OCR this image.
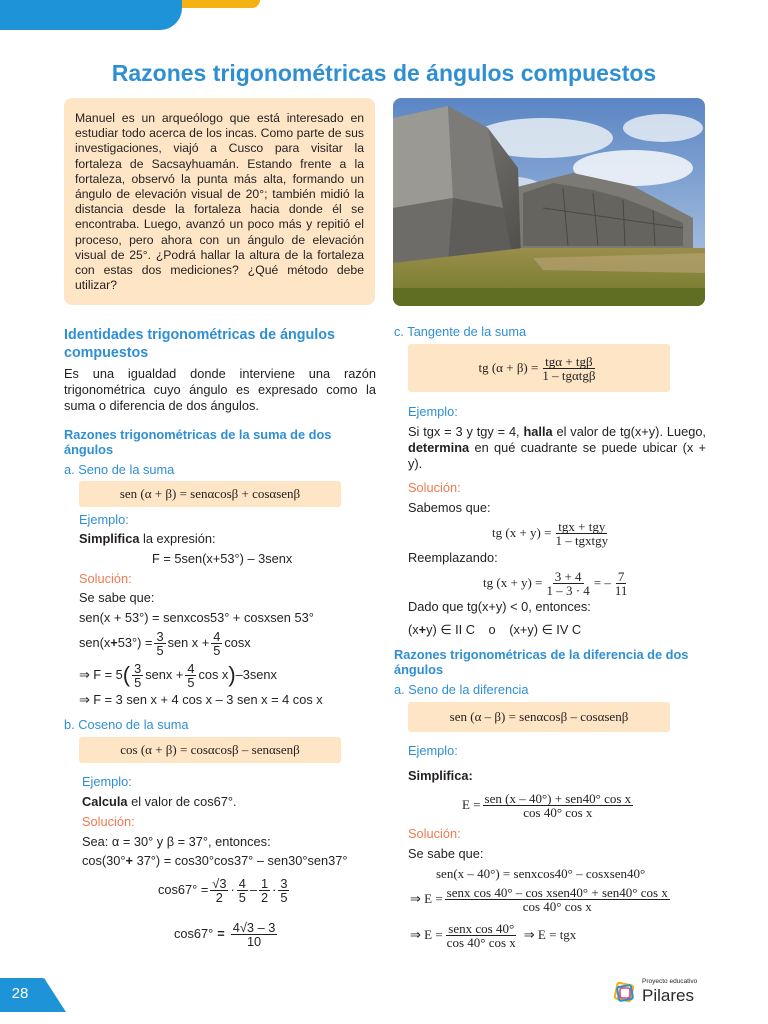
Razones trigonométricas de ángulos compuestos
Manuel es un arqueólogo que está interesado en estudiar todo acerca de los incas. Como parte de sus investigaciones, viajó a Cusco para visitar la fortaleza de Sacsayhuamán. Estando frente a la fortaleza, observó la punta más alta, formando un ángulo de elevación visual de 20°; también midió la distancia desde la fortaleza hacia donde él se encontraba. Luego, avanzó un poco más y repitió el proceso, pero ahora con un ángulo de elevación visual de 25°. ¿Podrá hallar la altura de la fortaleza con estas dos mediciones? ¿Qué método debe utilizar?
Identidades trigonométricas de ángulos compuestos
Es una igualdad donde interviene una razón trigonométrica cuyo ángulo es expresado como la suma o diferencia de dos ángulos.
Razones trigonométricas de la suma de dos ángulos
a. Seno de la suma
sen (α + β) = senαcosβ + cosαsenβ
Ejemplo:
Simplifica la expresión:
F = 5sen(x+53°) – 3senx
Solución:
Se sabe que:
sen(x + 53°) = senxcos53° + cosxsen 53°
$sen(x + 53^\circ) = \frac{3}{5}$ sen $x + \frac{4}{5}$ cosx
⇒ F = 5 ( $\frac{3}{5}$ senx + $\frac{4}{5}$ cos x ) –3senx
⇒ F = 3 sen x + 4 cos x – 3 sen x = 4 cos x
b. Coseno de la suma
cos (α + β) = cosαcosβ – senαsenβ
Ejemplo:
Calcula el valor de cos67°.
Solución:
Sea: α = 30° y β = 37°, entonces:
cos(30°+ 37°) = cos30°cos37° – sen30°sen37°
$\cos 67^\circ = \frac{√3}{2} \cdot \frac{4}{5} - \frac{1}{2} \cdot \frac{3}{5}$
$\cos 67^\circ = \frac{4√3 - 3}{10}$
c. Tangente de la suma
tg $(\alpha + \beta) = \frac{\text{tgα + tgβ}}{\text{1 – tgαtgβ}}$
Ejemplo:
Si tgx = 3 y tgy = 4, halla el valor de tg(x+y). Luego, determina en qué cuadrante se puede ubicar (x + y).
Solución:
Sabemos que:
tg $(x + y) = \frac{\text{tgx + tgy}}{\text{1 – tgxtgy}}$
Reemplazando:
tg $(x + y) = \frac{3 + 4}{1 - 3 \cdot 4}$ = – $\frac{7}{11}$
Dado que tg(x+y) < 0, entonces:
(x+y) ∈ II C o (x+y) ∈ IV C
Razones trigonométricas de la diferencia de dos ángulos
a. Seno de la diferencia
sen (α – β) = senαcosβ – cosαsenβ
Ejemplo:
Simplifica:
$E = \frac{\text{sen (x – 40°) + sen40° cos x}}{\text{cos 40° cos x}}$
Solución:
Se sabe que:
sen(x – 40°) = senxcos40° – cosxsen40°
⇒ $E = \frac{\text{senx cos 40° – cos xsen40° + sen40° cos x}}{\text{cos 40° cos x}}$
⇒ $E = \frac{\text{senx cos 40°}}{\text{cos 40° cos x}}$ ⇒ E = tgx
28
Proyecto educativo
Pilares
